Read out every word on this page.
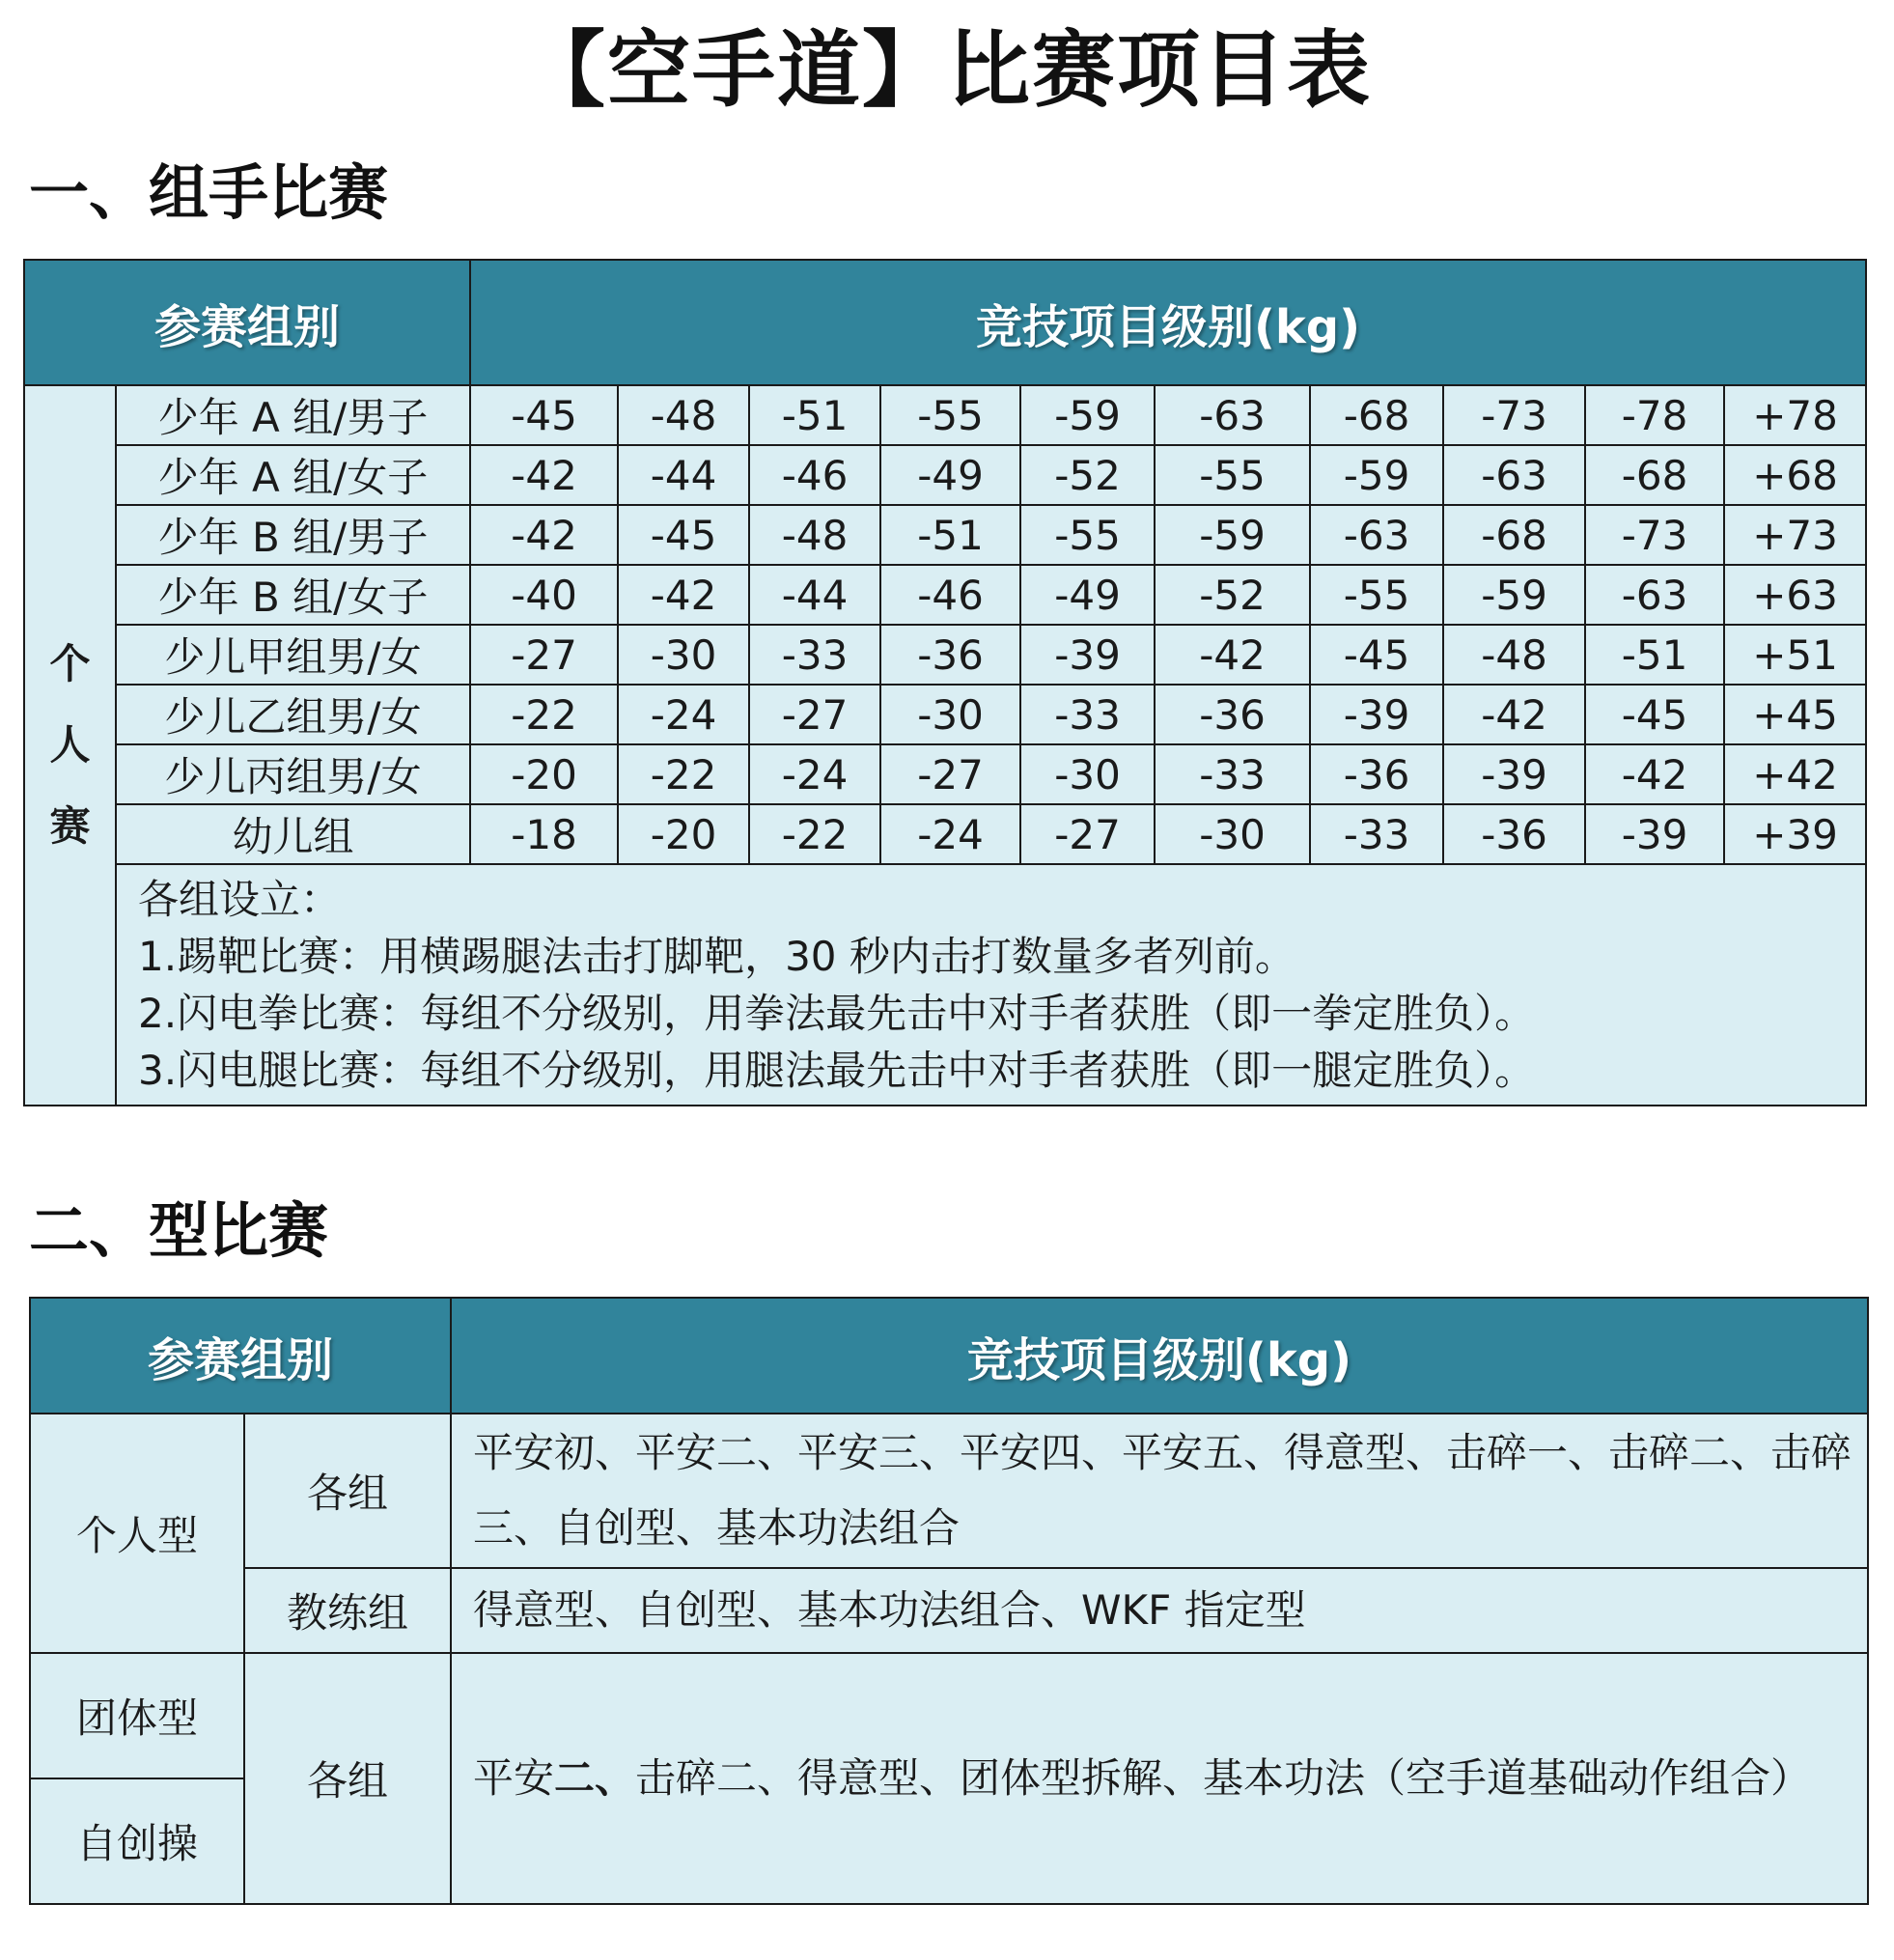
【空手道】比赛项目表
一、组手比赛
参赛组别		竞技项目级别(kg)									

个
人
赛	少年 A 组/男子	-45	-48	-51	-55	-59	-63	-68	-73	-78	+78
	少年 A 组/女子	-42	-44	-46	-49	-52	-55	-59	-63	-68	+68
	少年 B 组/男子	-42	-45	-48	-51	-55	-59	-63	-68	-73	+73
	少年 B 组/女子	-40	-42	-44	-46	-49	-52	-55	-59	-63	+63
	少儿甲组男/女	-27	-30	-33	-36	-39	-42	-45	-48	-51	+51
	少儿乙组男/女	-22	-24	-27	-30	-33	-36	-39	-42	-45	+45
	少儿丙组男/女	-20	-22	-24	-27	-30	-33	-36	-39	-42	+42
	幼儿组	-18	-20	-22	-24	-27	-30	-33	-36	-39	+39

	各组设立：
1.踢靶比赛：用横踢腿法击打脚靶，30 秒内击打数量多者列前。
2.闪电拳比赛：每组不分级别，用拳法最先击中对手者获胜（即一拳定胜负）。
3.闪电腿比赛：每组不分级别，用腿法最先击中对手者获胜（即一腿定胜负）。										
二、型比赛
参赛组别		竞技项目级别(kg)
个人型	各组	平安初、平安二、平安三、平安四、平安五、得意型、击碎一、击碎二、击碎三、自创型、基本功法组合
	教练组	得意型、自创型、基本功法组合、WKF 指定型
团体型	各组	平安二、击碎二、得意型、团体型拆解、基本功法（空手道基础动作组合）
自创操		
